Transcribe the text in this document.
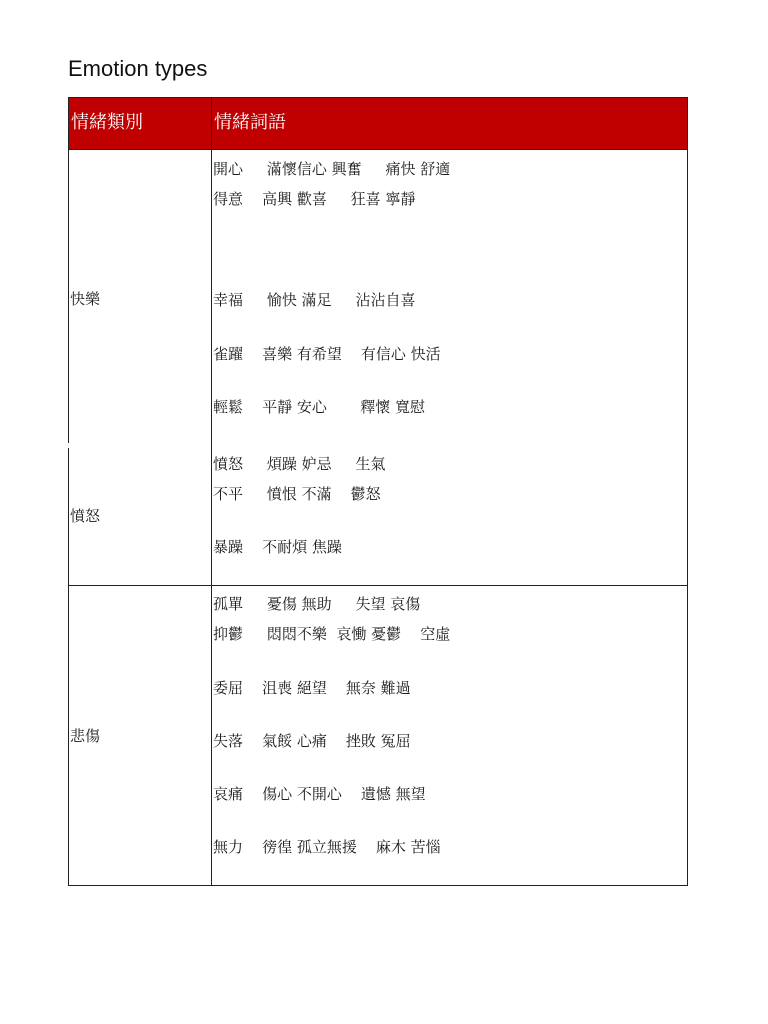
Emotion types
情緒類別	情緒詞語
快樂
憤怒
悲傷
開心     滿懷信心 興奮     痛快 舒適
得意    高興 歡喜     狂喜 寧靜
幸福     愉快 滿足     沾沾自喜
雀躍    喜樂 有希望    有信心 快活
輕鬆    平靜 安心       釋懷 寬慰
憤怒     煩躁 妒忌     生氣
不平     憤恨 不滿    鬱怒
暴躁    不耐煩 焦躁
孤單     憂傷 無助     失望 哀傷
抑鬱     悶悶不樂  哀慟 憂鬱    空虛
委屈    沮喪 絕望    無奈 難過
失落    氣餒 心痛    挫敗 冤屈
哀痛    傷心 不開心    遺憾 無望
無力    徬徨 孤立無援    麻木 苦惱
